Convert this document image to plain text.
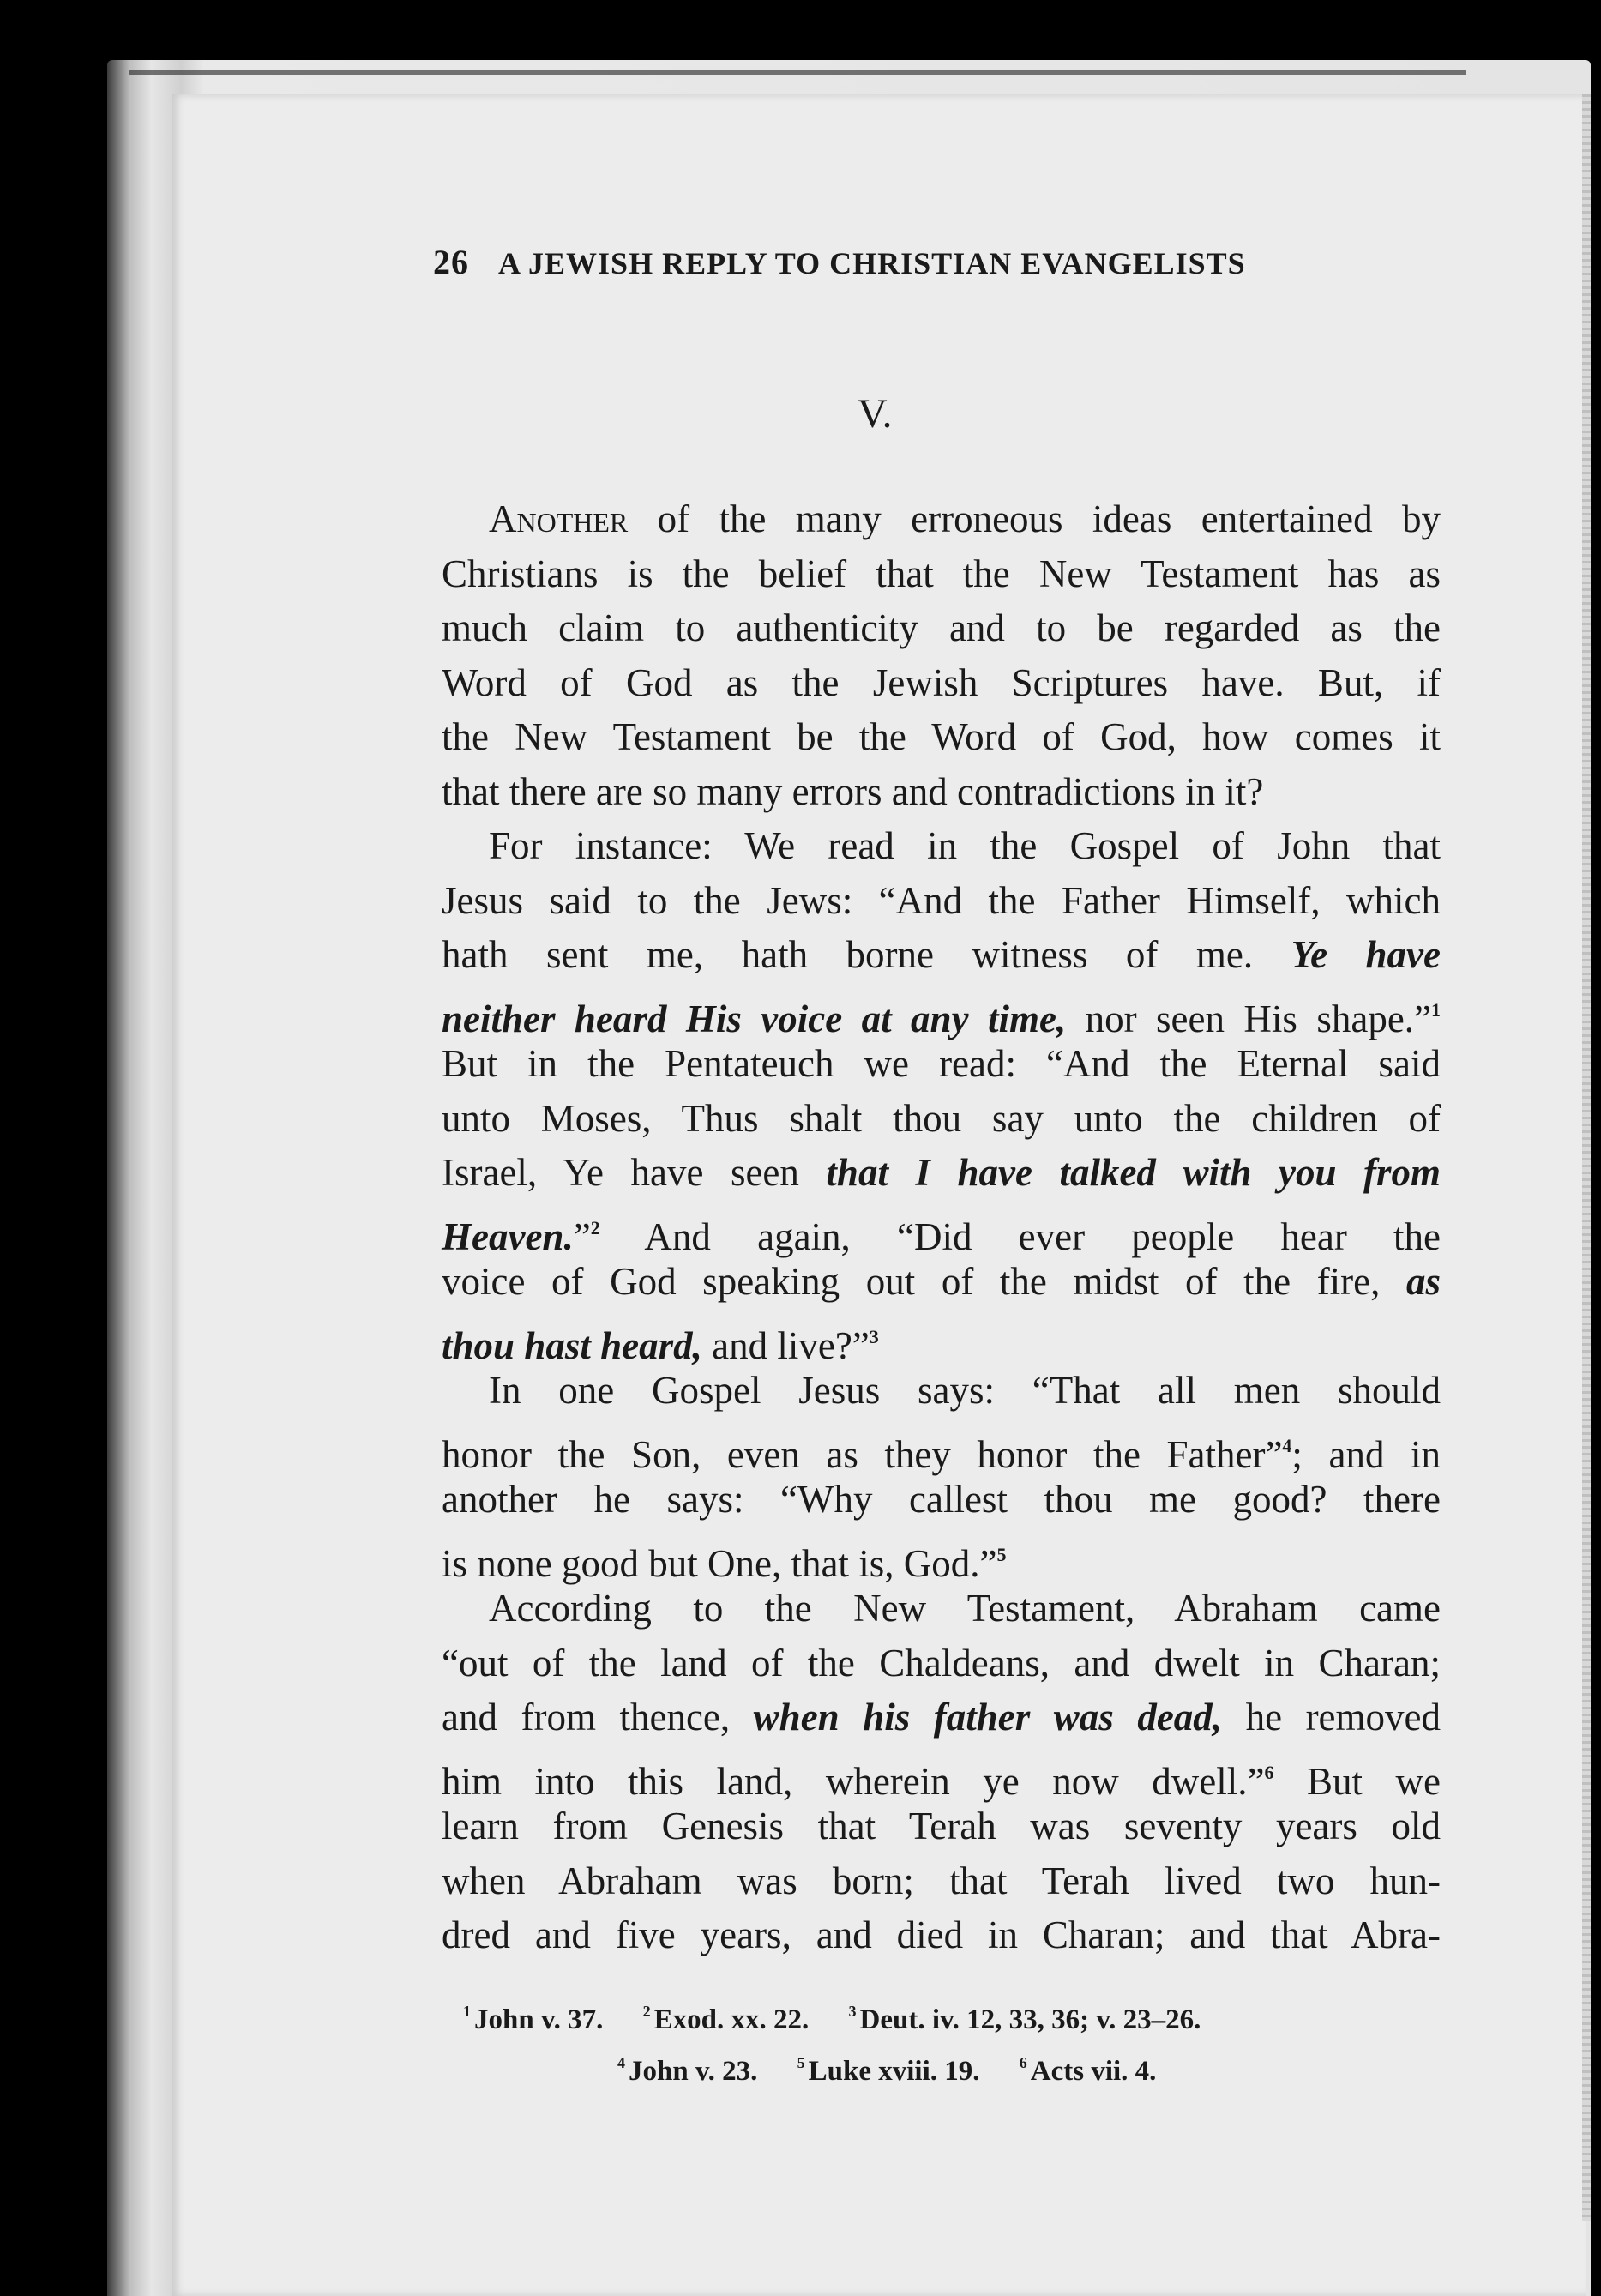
26 A JEWISH REPLY TO CHRISTIAN EVANGELISTS
V.
Another of the many erroneous ideas entertained by
Christians is the belief that the New Testament has as
much claim to authenticity and to be regarded as the
Word of God as the Jewish Scriptures have. But, if
the New Testament be the Word of God, how comes it
that there are so many errors and contradictions in it?
For instance: We read in the Gospel of John that
Jesus said to the Jews: “And the Father Himself, which
hath sent me, hath borne witness of me. Ye have
neither heard His voice at any time, nor seen His shape.”$^1$
But in the Pentateuch we read: “And the Eternal said
unto Moses, Thus shalt thou say unto the children of
Israel, Ye have seen that I have talked with you from
Heaven.”$^2$ And again, “Did ever people hear the
voice of God speaking out of the midst of the fire, as
thou hast heard, and live?”$^3$
In one Gospel Jesus says: “That all men should
honor the Son, even as they honor the Father”$^4$; and in
another he says: “Why callest thou me good? there
is none good but One, that is, God.”$^5$
According to the New Testament, Abraham came
“out of the land of the Chaldeans, and dwelt in Charan;
and from thence, when his father was dead, he removed
him into this land, wherein ye now dwell.”$^6$ But we
learn from Genesis that Terah was seventy years old
when Abraham was born; that Terah lived two hun-
dred and five years, and died in Charan; and that Abra-
$^1$ John v. 37.	$^2$ Exod. xx. 22.	$^3$ Deut. iv. 12, 33, 36; v. 23–26.
$^4$ John v. 23.	$^5$ Luke xviii. 19.	$^6$ Acts vii. 4.
